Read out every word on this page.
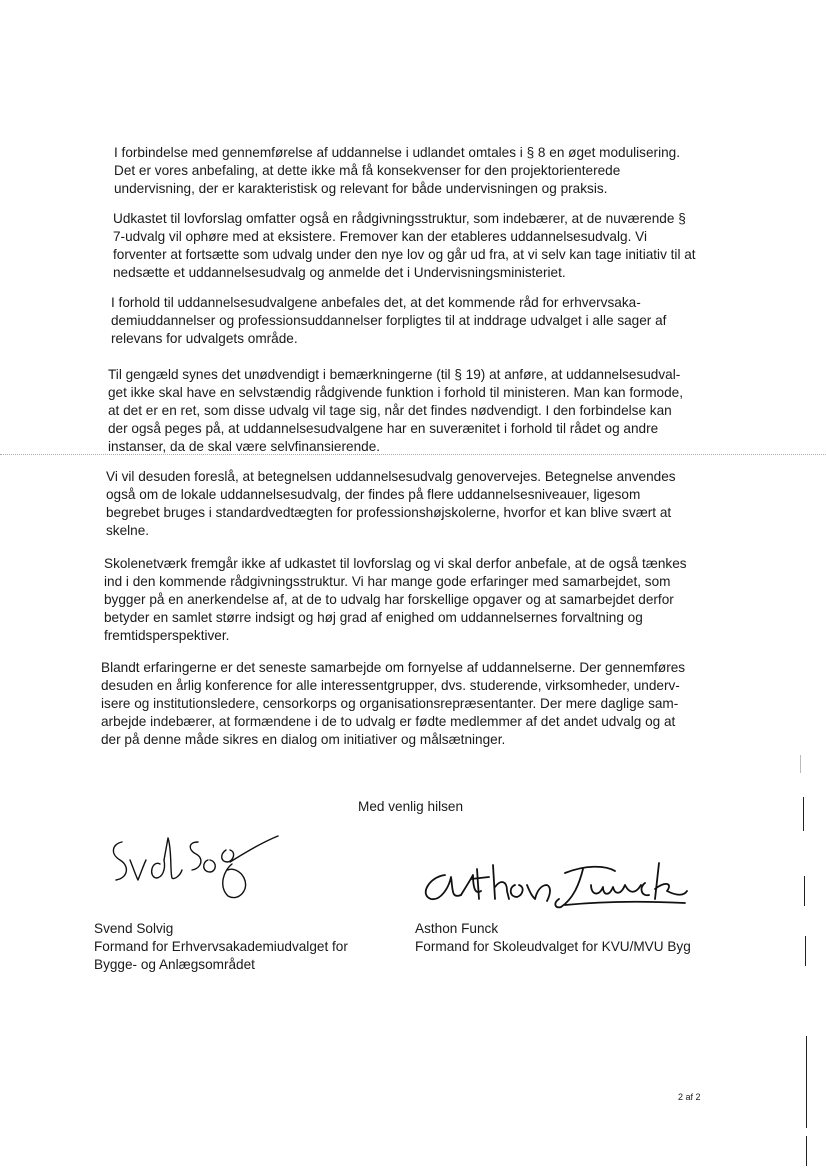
I forbindelse med gennemførelse af uddannelse i udlandet omtales i § 8 en øget modulisering.
Det er vores anbefaling, at dette ikke må få konsekvenser for den projektorienterede
undervisning, der er karakteristisk og relevant for både undervisningen og praksis.

Udkastet til lovforslag omfatter også en rådgivningsstruktur, som indebærer, at de nuværende §
7-udvalg vil ophøre med at eksistere. Fremover kan der etableres uddannelsesudvalg. Vi
forventer at fortsætte som udvalg under den nye lov og går ud fra, at vi selv kan tage initiativ til at
nedsætte et uddannelsesudvalg og anmelde det i Undervisningsministeriet.

I forhold til uddannelsesudvalgene anbefales det, at det kommende råd for erhvervsaka-
demiuddannelser og professionsuddannelser forpligtes til at inddrage udvalget i alle sager af
relevans for udvalgets område.

Til gengæld synes det unødvendigt i bemærkningerne (til § 19) at anføre, at uddannelsesudval-
get ikke skal have en selvstændig rådgivende funktion i forhold til ministeren. Man kan formode,
at det er en ret, som disse udvalg vil tage sig, når det findes nødvendigt. I den forbindelse kan
der også peges på, at uddannelsesudvalgene har en suverænitet i forhold til rådet og andre
instanser, da de skal være selvfinansierende.

Vi vil desuden foreslå, at betegnelsen uddannelsesudvalg genovervejes. Betegnelse anvendes
også om de lokale uddannelsesudvalg, der findes på flere uddannelsesniveauer, ligesom
begrebet bruges i standardvedtægten for professionshøjskolerne, hvorfor et kan blive svært at
skelne.

Skolenetværk fremgår ikke af udkastet til lovforslag og vi skal derfor anbefale, at de også tænkes
ind i den kommende rådgivningsstruktur. Vi har mange gode erfaringer med samarbejdet, som
bygger på en anerkendelse af, at de to udvalg har forskellige opgaver og at samarbejdet derfor
betyder en samlet større indsigt og høj grad af enighed om uddannelsernes forvaltning og
fremtidsperspektiver.

Blandt erfaringerne er det seneste samarbejde om fornyelse af uddannelserne. Der gennemføres
desuden en årlig konference for alle interessentgrupper, dvs. studerende, virksomheder, underv-
isere og institutionsledere, censorkorps og organisationsrepræsentanter. Der mere daglige sam-
arbejde indebærer, at formændene i de to udvalg er fødte medlemmer af det andet udvalg og at
der på denne måde sikres en dialog om initiativer og målsætninger.

Med venlig hilsen
Svend Solvig
Formand for Erhvervsakademiudvalget for
Bygge- og Anlægsområdet
Asthon Funck
Formand for Skoleudvalget for KVU/MVU Byg
2 af 2
